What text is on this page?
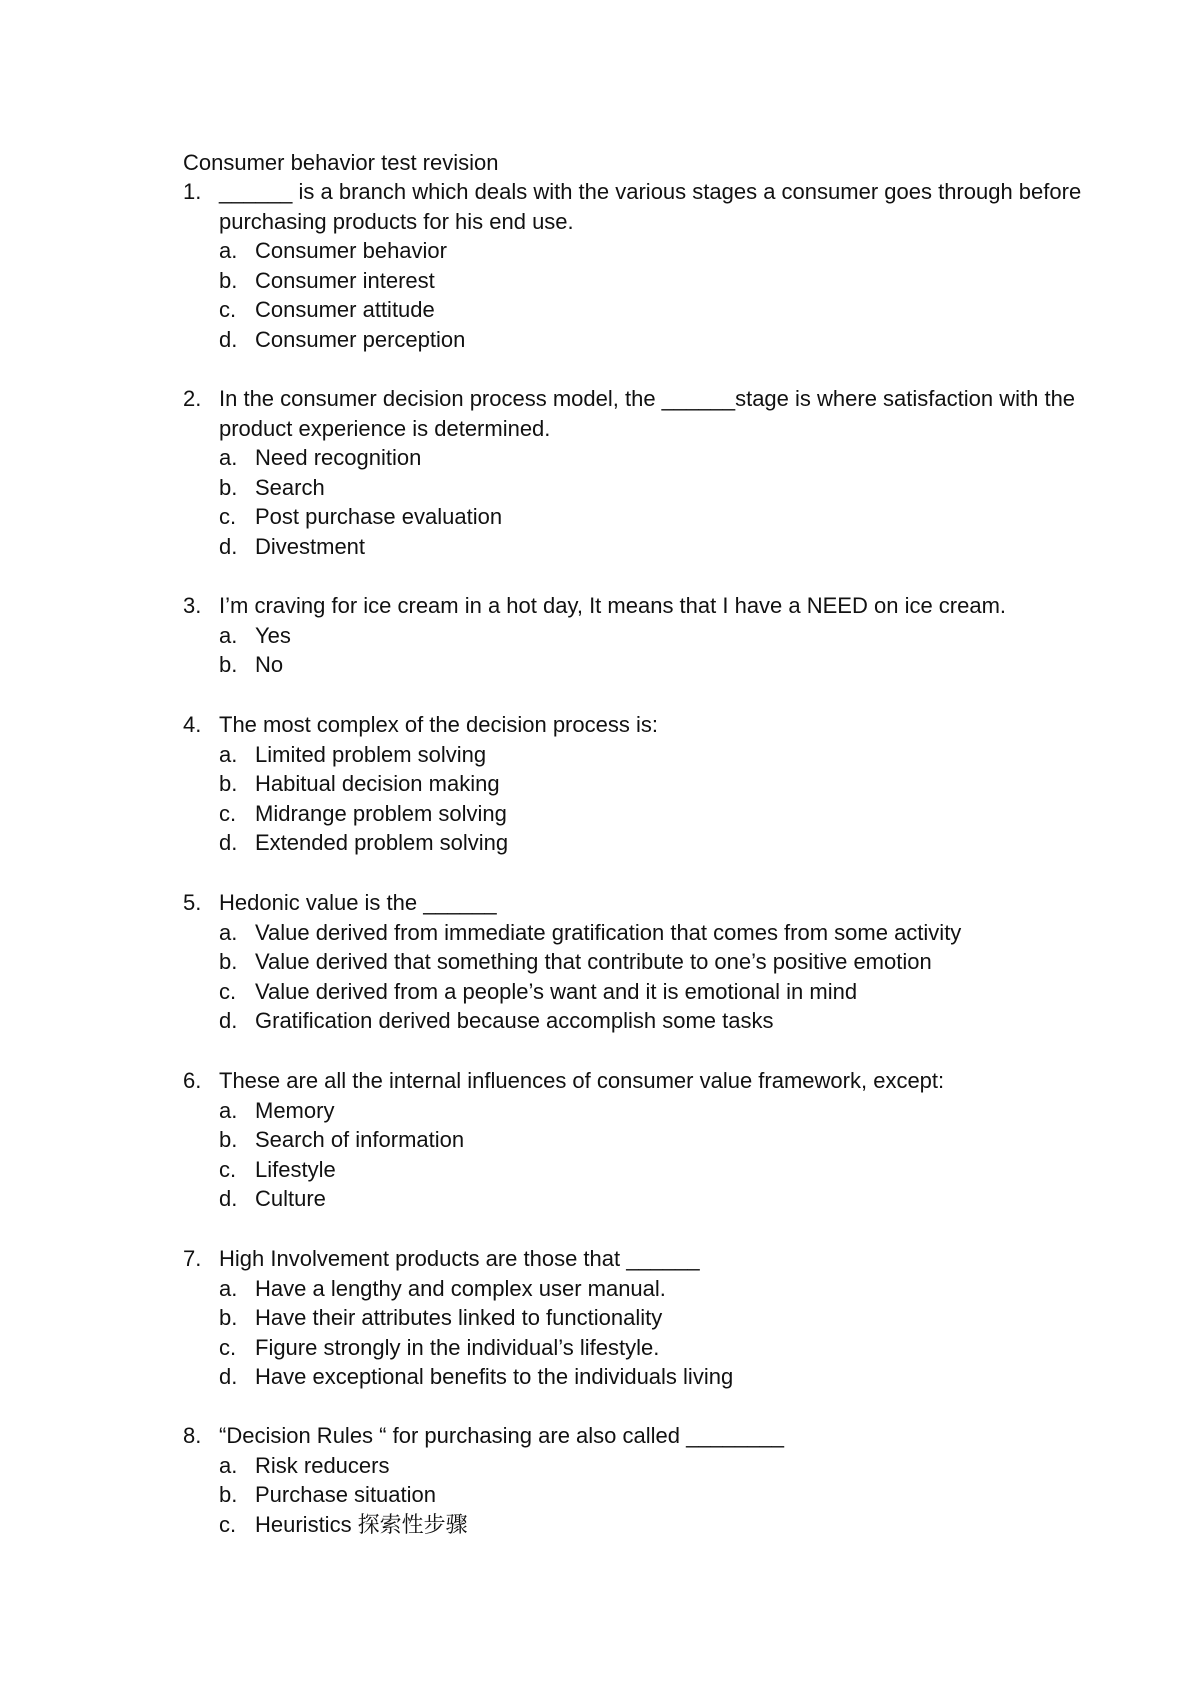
Consumer behavior test revision
1. ______ is a branch which deals with the various stages a consumer goes through before purchasing products for his end use.
a. Consumer behavior
b. Consumer interest
c. Consumer attitude
d. Consumer perception
2. In the consumer decision process model, the ______stage is where satisfaction with the product experience is determined.
a. Need recognition
b. Search
c. Post purchase evaluation
d. Divestment
3. I’m craving for ice cream in a hot day, It means that I have a NEED on ice cream.
a. Yes
b. No
4. The most complex of the decision process is:
a. Limited problem solving
b. Habitual decision making
c. Midrange problem solving
d. Extended problem solving
5. Hedonic value is the ______
a. Value derived from immediate gratification that comes from some activity
b. Value derived that something that contribute to one’s positive emotion
c. Value derived from a people’s want and it is emotional in mind
d. Gratification derived because accomplish some tasks
6. These are all the internal influences of consumer value framework, except:
a. Memory
b. Search of information
c. Lifestyle
d. Culture
7. High Involvement products are those that ______
a. Have a lengthy and complex user manual.
b. Have their attributes linked to functionality
c. Figure strongly in the individual’s lifestyle.
d. Have exceptional benefits to the individuals living
8. “Decision Rules “ for purchasing are also called ________
a. Risk reducers
b. Purchase situation
c. Heuristics 探索性步骤
